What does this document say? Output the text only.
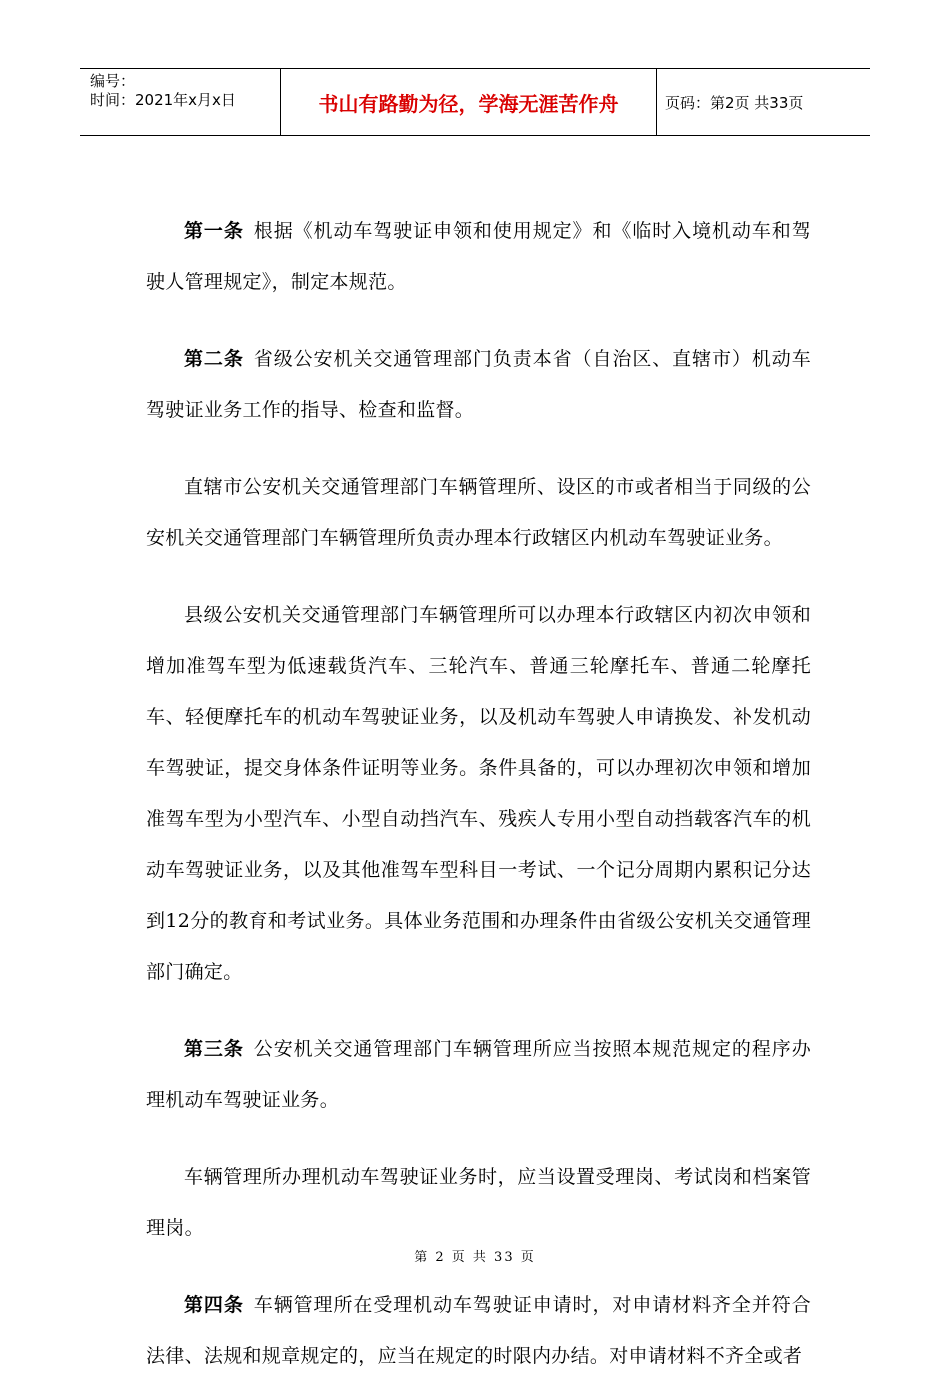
编号：
时间：2021年x月x日	书山有路勤为径，学海无涯苦作舟	页码：第2页 共33页

第一条 根据《机动车驾驶证申领和使用规定》和《临时入境机动车和驾驶人管理规定》，制定本规范。

第二条 省级公安机关交通管理部门负责本省（自治区、直辖市）机动车驾驶证业务工作的指导、检查和监督。

直辖市公安机关交通管理部门车辆管理所、设区的市或者相当于同级的公安机关交通管理部门车辆管理所负责办理本行政辖区内机动车驾驶证业务。

县级公安机关交通管理部门车辆管理所可以办理本行政辖区内初次申领和增加准驾车型为低速载货汽车、三轮汽车、普通三轮摩托车、普通二轮摩托车、轻便摩托车的机动车驾驶证业务，以及机动车驾驶人申请换发、补发机动车驾驶证，提交身体条件证明等业务。条件具备的，可以办理初次申领和增加准驾车型为小型汽车、小型自动挡汽车、残疾人专用小型自动挡载客汽车的机动车驾驶证业务，以及其他准驾车型科目一考试、一个记分周期内累积记分达到12分的教育和考试业务。具体业务范围和办理条件由省级公安机关交通管理部门确定。

第三条 公安机关交通管理部门车辆管理所应当按照本规范规定的程序办理机动车驾驶证业务。

车辆管理所办理机动车驾驶证业务时，应当设置受理岗、考试岗和档案管理岗。

第四条 车辆管理所在受理机动车驾驶证申请时，对申请材料齐全并符合法律、法规和规章规定的，应当在规定的时限内办结。对申请材料不齐全或者

第 2 页 共 33 页
